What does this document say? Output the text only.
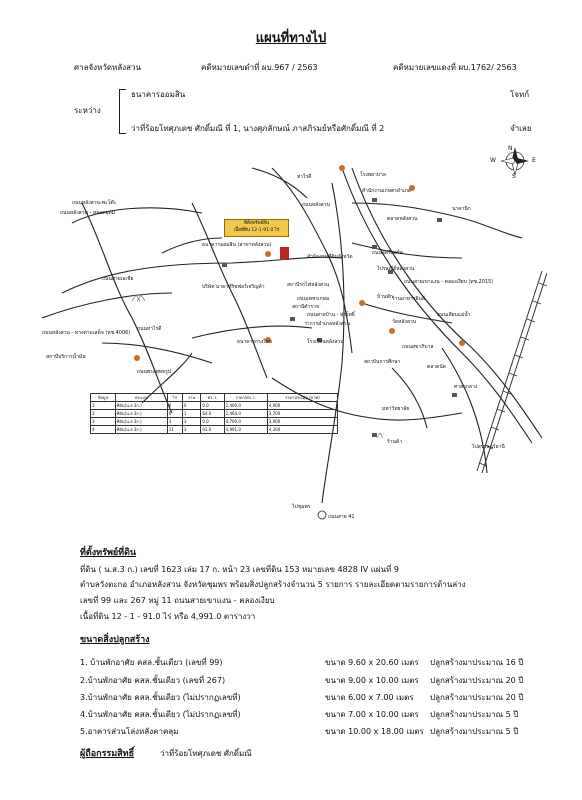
แผนที่ทางไป
ศาลจังหวัดหลังสวน	คดีหมายเลขดำที่ ผบ.967 / 2563	คดีหมายเลขแดงที่ ผบ.1762/ 2563
ระหว่าง
ธนาคารออมสิน	โจทก์
ว่าที่ร้อยโทศุภเดช ศักดิ์มณี ที่ 1, นางศุภลักษณ์ ภาสภิรมย์หรือศักดิ์มณี ที่ 2	จำเลย
N
E
W
S
ที่ตั้งทรัพย์สิน
เนื้อที่ดิน 12-1-91.0 ไร่
ท่าไร่ดี	โรงพยาบาล
สำนักงานเกษตรอำเภอ
ถนนหลังสวน-พะโต๊ะ
ถนนหลังสวน - หลอดอุดม
ถนนหลังสวน
บริษัท มาดาห์ริชฟอร์เจริญค้า
นาคานิก
ตลาดหลังสวน
ธนาคารออมสิน (สาขาหลังสวน)
ถนนสายเขาแงน - คลองเงียบ (ทช.2015)
ถนนจุดรีสอร์ท
สำนักงานที่ดินจังหวัด
ไปรษณีย์หลังสวน
สถานีรถไฟหลังสวน
ร้านอาหารอินส์
ถนนเพชรเกษม
สถานีตำรวจ
ว่าการอำเภอหลังสวน
ธนาคารกรุงไทย
ถนนหลังสวน - ทางตามเสด็จ (ทช.4006)
สถานีบริการน้ำมัน
โรงเรียนหลังสวน
วัดหลังสวน
ถนนสุขาภิบาล
ถนนท่าไร่ดี
สถาบันการศึกษา
ตลาดนัด
ศาลากลาง
บ้านพัก
มหาวิทยาลัย
ถนนสายบ้าน - ทุ่งโพธิ์
ร้านค้า
ไปสุราษฎร์ธานี
ถนนสายเอเชีย
ไปชุมพร
ถนนพระพุทธรูป
ถนนเลียบแม่น้ำ
ข้อมูล	ประเภท	ไร่	งาน	ตร.ว.	ราคา/ตร.ว.	ราคาประเมิน (บาท)
1	ที่ดิน(น.ส.3ก.)	6	0	0.0	2,400.0	4,000
2	ที่ดิน(น.ส.3ก.)	6	1	64.0	2,464.0	3,700
3	ที่ดิน(น.ส.3ก.)	3	3	0.0	4,700.0	3,000
4	ที่ดิน(น.ส.3ก.)	11	3	91.0	4,991.0	4,300
ถนนสาย 41
ที่ตั้งทรัพย์ที่ดิน
ที่ดิน ( น.ส.3 ก.) เลขที่ 1623 เล่ม 17 ก. หน้า 23 เลขที่ดิน 153 หมายเลข 4828 IV แผ่นที่ 9
ตำบลวังตะกอ อำเภอหลังสวน จังหวัดชุมพร พร้อมสิ่งปลูกสร้างจำนวน 5 รายการ รายละเอียดตามรายการด้านล่าง
เลขที่ 99 และ 267 หมู่ 11 ถนนสายเขาแงน - คลองเงียบ
เนื้อที่ดิน 12 - 1 - 91.0 ไร่ หรือ 4,991.0 ตารางวา
ขนาดสิ่งปลูกสร้าง
1. บ้านพักอาศัย คสล.ชั้นเดียว (เลขที่ 99)	ขนาด 9.60 x 20.60 เมตร ปลูกสร้างมาประมาณ 16 ปี
2.บ้านพักอาศัย คสล.ชั้นเดียว (เลขที่ 267)	ขนาด 9.00 x 10.00 เมตร ปลูกสร้างมาประมาณ 20 ปี
3.บ้านพักอาศัย คสล.ชั้นเดียว (ไม่ปรากฏเลขที่)	ขนาด 6.00 x 7.00 เมตร ปลูกสร้างมาประมาณ 20 ปี
4.บ้านพักอาศัย คสล.ชั้นเดียว (ไม่ปรากฏเลขที่)	ขนาด 7.00 x 10.00 เมตร ปลูกสร้างมาประมาณ 5 ปี
5.อาคารส่วนโล่งหลังคาคลุม	ขนาด 10.00 x 18.00 เมตร ปลูกสร้างมาประมาณ 5 ปี
ผู้ถือกรรมสิทธิ์	ว่าที่ร้อยโทศุภเดช ศักดิ์มณี
